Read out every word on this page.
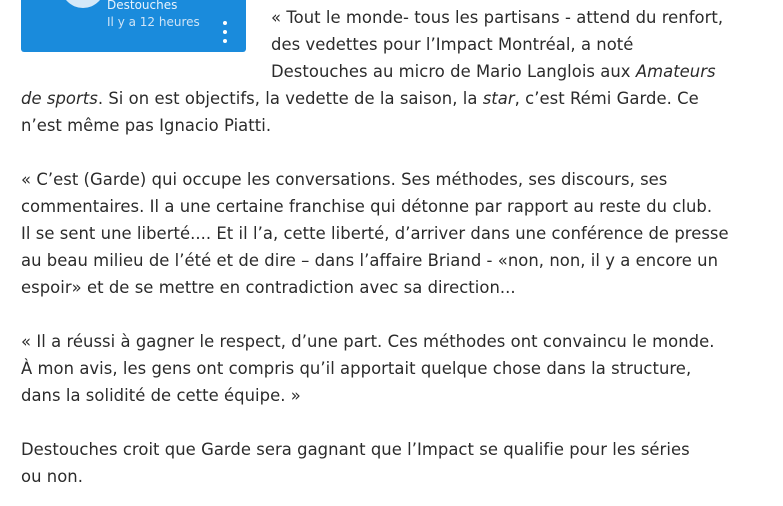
Destouches
Il y a 12 heures	« Tout le monde- tous les partisans - attend du renfort,
des vedettes pour l’Impact Montréal, a noté
Destouches au micro de Mario Langlois aux Amateurs
de sports. Si on est objectifs, la vedette de la saison, la star, c’est Rémi Garde. Ce
n’est même pas Ignacio Piatti.

« C’est (Garde) qui occupe les conversations. Ses méthodes, ses discours, ses
commentaires. Il a une certaine franchise qui détonne par rapport au reste du club.
Il se sent une liberté.... Et il l’a, cette liberté, d’arriver dans une conférence de presse
au beau milieu de l’été et de dire – dans l’affaire Briand - «non, non, il y a encore un
espoir» et de se mettre en contradiction avec sa direction...

« Il a réussi à gagner le respect, d’une part. Ces méthodes ont convaincu le monde.
À mon avis, les gens ont compris qu’il apportait quelque chose dans la structure,
dans la solidité de cette équipe. »

Destouches croit que Garde sera gagnant que l’Impact se qualifie pour les séries
ou non.
